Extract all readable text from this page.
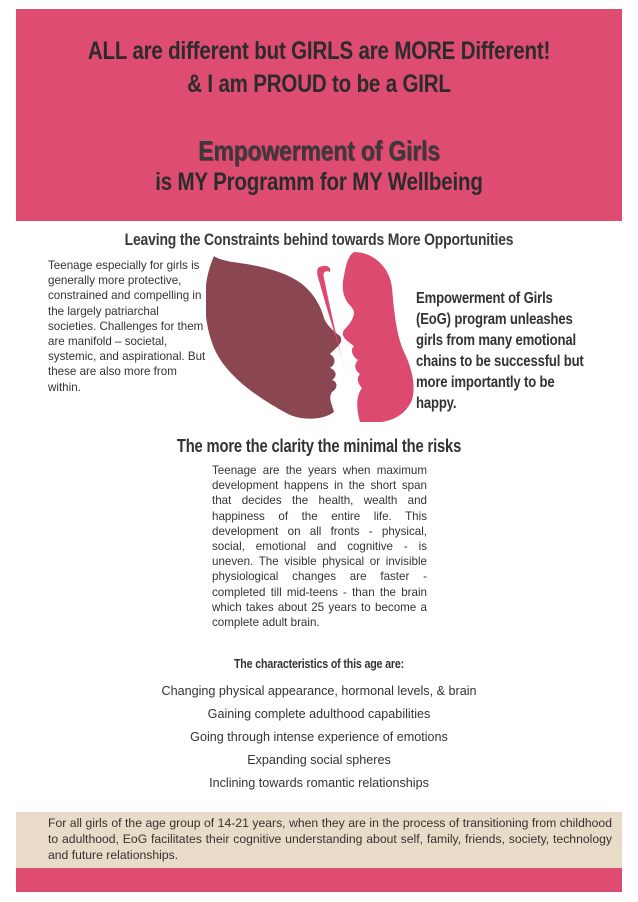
ALL are different but GIRLS are MORE Different!
& I am PROUD to be a GIRL
Empowerment of Girls
is MY Programm for MY Wellbeing
Leaving the Constraints behind towards More Opportunities
Teenage especially for girls is generally more protective, constrained and compelling in the largely patriarchal societies. Challenges for them are manifold – societal, systemic, and aspirational. But these are also more from within.
Empowerment of Girls (EoG) program unleashes girls from many emotional chains to be successful but more importantly to be happy.
The more the clarity the minimal the risks
Teenage are the years when maximum development happens in the short span that decides the health, wealth and happiness of the entire life. This development on all fronts - physical, social, emotional and cognitive - is uneven. The visible physical or invisible physiological changes are faster - completed till mid-teens - than the brain which takes about 25 years to become a complete adult brain.
The characteristics of this age are:
Changing physical appearance, hormonal levels, & brain
Gaining complete adulthood capabilities
Going through intense experience of emotions
Expanding social spheres
Inclining towards romantic relationships
For all girls of the age group of 14-21 years, when they are in the process of transitioning from childhood to adulthood, EoG facilitates their cognitive understanding about self, family, friends, society, technology and future relationships.
